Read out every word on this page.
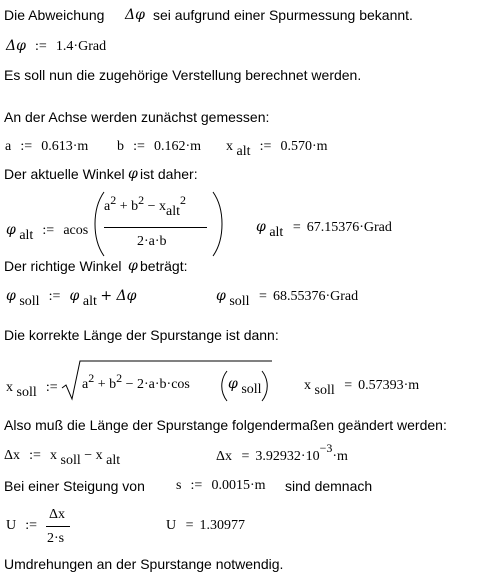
Die Abweichung Δφ sei aufgrund einer Spurmessung bekannt.
Δφ := 1.4·Grad
Es soll nun die zugehörige Verstellung berechnet werden.
An der Achse werden zunächst gemessen:
a := 0.613·m b := 0.162·m x alt := 0.570·m
Der aktuelle Winkel φ ist daher:
φ alt := acos
a2 + b2 − xalt2
2·a·b
φ alt = 67.15376·Grad
Der richtige Winkel φ beträgt:
φ soll := φ alt + Δφ	φ soll = 68.55376·Grad
Die korrekte Länge der Spurstange ist dann:
x soll :=	a2 + b2 − 2·a·b·cos	φ soll	x soll = 0.57393·m
Also muß die Länge der Spurstange folgendermaßen geändert werden:
Δx := x soll − x alt	Δx = 3.92932·10−3·m
Bei einer Steigung von s := 0.0015·m sind demnach
U :=
Δx
2·s
U = 1.30977
Umdrehungen an der Spurstange notwendig.
